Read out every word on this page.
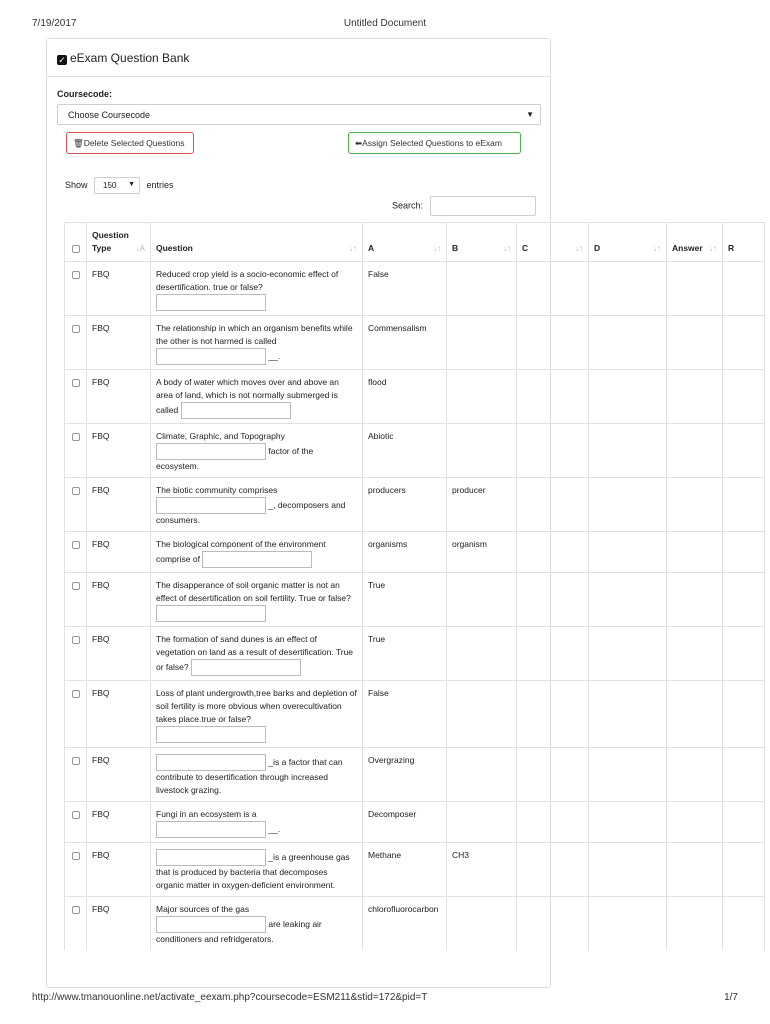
7/19/2017	Untitled Document
✓ eExam Question Bank
Coursecode:
Choose Coursecode	▼
🗑Delete Selected Questions	⬅Assign Selected Questions to eExam
Show 150 ▼ entries
Search:
	Question Type ↓A	Question ↓↑	A ↓↑	B ↓↑	C ↓↑	D ↓↑	Answer ↓↑	R
	FBQ	Reduced crop yield is a socio-economic effect of desertification. true or false?	False					
	FBQ	The relationship in which an organism benefits while the other is not harmed is called  __.	Commensalism					
	FBQ	A body of water which moves over and above an area of land, which is not normally submerged is called	flood					
	FBQ	Climate, Graphic, and Topography  factor of the ecosystem.	Abiotic					
	FBQ	The biotic community comprises  _, decomposers and consumers.	producers	producer				
	FBQ	The biological component of the environment comprise of	organisms	organism				
	FBQ	The disapperance of soil organic matter is not an effect of desertification on soil fertility. True or false?	True					
	FBQ	The formation of sand dunes is an effect of vegetation on land as a result of desertification. True or false?	True					
	FBQ	Loss of plant undergrowth,tree barks and depletion of soil fertility is more obvious when overecultivation takes place.true or false?	False					
	FBQ	_is a factor that can contribute to desertification through increased livestock grazing.	Overgrazing					
	FBQ	Fungi in an ecosystem is a  __.	Decomposer					
	FBQ	_is a greenhouse gas that is produced by bacteria that decomposes organic matter in oxygen-deficient environment.	Methane	CH3				
	FBQ	Major sources of the gas  are leaking air conditioners and refridgerators.	chlorofluorocarbon					
http://www.tmanouonline.net/activate_eexam.php?coursecode=ESM211&stid=172&pid=T	1/7
